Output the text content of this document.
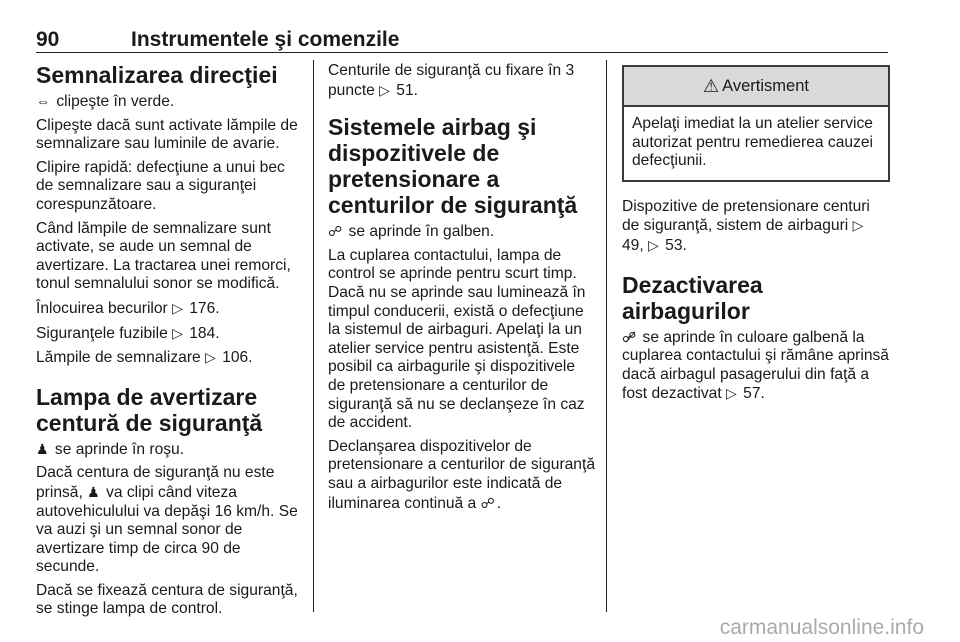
90	Instrumentele şi comenzile
Semnalizarea direcţiei

⇔ clipeşte în verde.

Clipeşte dacă sunt activate lămpile de semnalizare sau luminile de avarie.

Clipire rapidă: defecţiune a unui bec de semnalizare sau a siguranţei corespunzătoare.

Când lămpile de semnalizare sunt activate, se aude un semnal de avertizare. La tractarea unei remorci, tonul semnalului sonor se modifică.

Înlocuirea becurilor ▷ 176.

Siguranţele fuzibile ▷ 184.

Lămpile de semnalizare ▷ 106.

Lampa de avertizare centură de siguranţă

♟ se aprinde în roşu.

Dacă centura de siguranţă nu este prinsă, ♟ va clipi când viteza autovehiculului va depăşi 16 km/h. Se va auzi şi un semnal sonor de avertizare timp de circa 90 de secunde.

Dacă se fixează centura de siguranţă, se stinge lampa de control.

Centurile de siguranţă cu fixare în 3 puncte ▷ 51.

Sistemele airbag şi dispozitivele de pretensionare a centurilor de siguranţă

☍ se aprinde în galben.

La cuplarea contactului, lampa de control se aprinde pentru scurt timp. Dacă nu se aprinde sau luminează în timpul conducerii, există o defecţiune la sistemul de airbaguri. Apelaţi la un atelier service pentru asistenţă. Este posibil ca airbagurile şi dispozitivele de pretensionare a centurilor de siguranţă să nu se declanşeze în caz de accident.

Declanşarea dispozitivelor de pretensionare a centurilor de siguranţă sau a airbagurilor este indicată de iluminarea continuă a ☍ .

⚠ Avertisment
Apelaţi imediat la un atelier service autorizat pentru remedierea cauzei defecţiunii.

Dispozitive de pretensionare centuri de siguranţă, sistem de airbaguri ▷ 49, ▷ 53.

Dezactivarea airbagurilor

☍̸ se aprinde în culoare galbenă la cuplarea contactului şi rămâne aprinsă dacă airbagul pasagerului din faţă a fost dezactivat ▷ 57.

carmanualsonline.info
